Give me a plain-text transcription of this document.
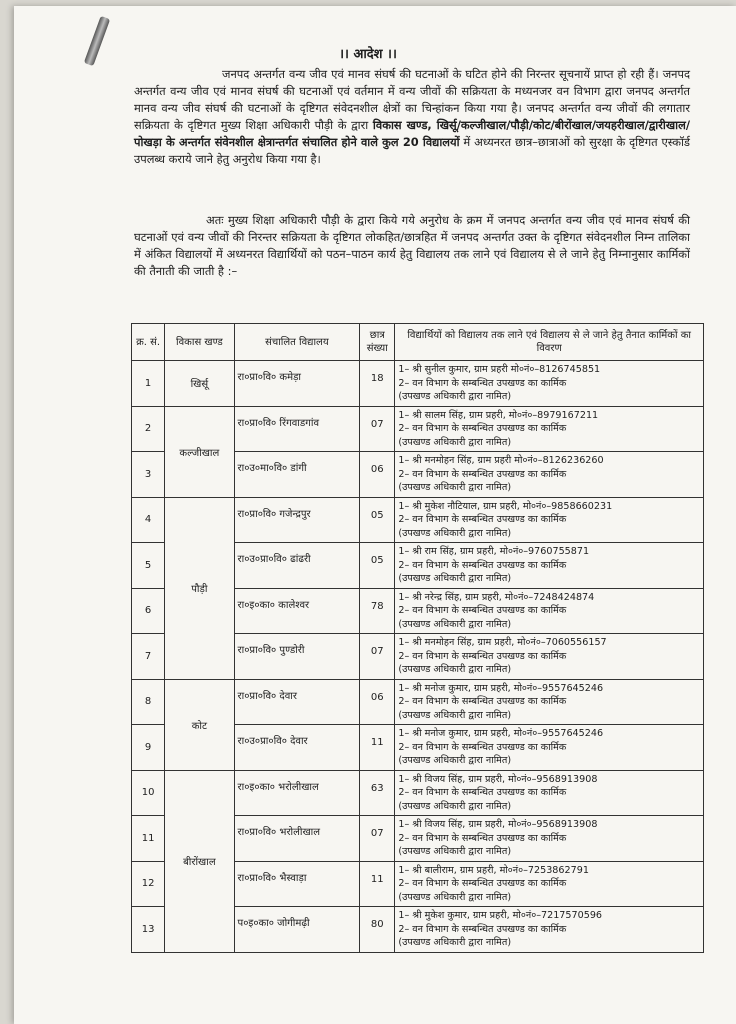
।। आदेश ।।
जनपद अन्तर्गत वन्य जीव एवं मानव संघर्ष की घटनाओं के घटित होने की निरन्तर सूचनायें प्राप्त हो रही हैं। जनपद अन्तर्गत वन्य जीव एवं मानव संघर्ष की घटनाओं एवं वर्तमान में वन्य जीवों की सक्रियता के मध्यनजर वन विभाग द्वारा जनपद अन्तर्गत मानव वन्य जीव संघर्ष की घटनाओं के दृष्टिगत संवेदनशील क्षेत्रों का चिन्हांकन किया गया है। जनपद अन्तर्गत वन्य जीवों की लगातार सक्रियता के दृष्टिगत मुख्य शिक्षा अधिकारी पौड़ी के द्वारा विकास खण्ड, खिर्सू/कल्जीखाल/पौड़ी/कोट/बीरोंखाल/जयहरीखाल/द्वारीखाल/पोखड़ा के अन्तर्गत संवेनशील क्षेत्रान्तर्गत संचालित होने वाले कुल 20 विद्यालयों में अध्यनरत छात्र–छात्राओं को सुरक्षा के दृष्टिगत एस्कॉर्ड उपलब्ध कराये जाने हेतु अनुरोध किया गया है।
अतः मुख्य शिक्षा अधिकारी पौड़ी के द्वारा किये गये अनुरोध के क्रम में जनपद अन्तर्गत वन्य जीव एवं मानव संघर्ष की घटनाओं एवं वन्य जीवों की निरन्तर सक्रियता के दृष्टिगत लोकहित/छात्रहित में जनपद अन्तर्गत उक्त के दृष्टिगत संवेदनशील निम्न तालिका में अंकित विद्यालयों में अध्यनरत विद्यार्थियों को पठन–पाठन कार्य हेतु विद्यालय तक लाने एवं विद्यालय से ले जाने हेतु निम्नानुसार कार्मिकों की तैनाती की जाती है :–
क्र. सं.	विकास खण्ड	संचालित विद्यालय	छात्र संख्या	विद्यार्थियों को विद्यालय तक लाने एवं विद्यालय से ले जाने हेतु तैनात कार्मिकों का विवरण
1	खिर्सू	रा०प्रा०वि० कमेड़ा	18	1– श्री सुनील कुमार, ग्राम प्रहरी मो०नं०–8126745851
2– वन विभाग के सम्बन्धित उपखण्ड का कार्मिक
(उपखण्ड अधिकारी द्वारा नामित)

2	कल्जीखाल	रा०प्रा०वि० रिंगवाडगांव	07	1– श्री सालम सिंह, ग्राम प्रहरी, मो०नं०–8979167211
2– वन विभाग के सम्बन्धित उपखण्ड का कार्मिक
(उपखण्ड अधिकारी द्वारा नामित)

3		रा०उ०मा०वि० डांगी	06	1– श्री मनमोहन सिंह, ग्राम प्रहरी मो०नं०–8126236260
2– वन विभाग के सम्बन्धित उपखण्ड का कार्मिक
(उपखण्ड अधिकारी द्वारा नामित)

4	पौड़ी	रा०प्रा०वि० गजेन्द्रपुर	05	1– श्री मुकेश नौटियाल, ग्राम प्रहरी, मो०नं०–9858660231
2– वन विभाग के सम्बन्धित उपखण्ड का कार्मिक
(उपखण्ड अधिकारी द्वारा नामित)

5		रा०उ०प्रा०वि० ढांढरी	05	1– श्री राम सिंह, ग्राम प्रहरी, मो०नं०–9760755871
2– वन विभाग के सम्बन्धित उपखण्ड का कार्मिक
(उपखण्ड अधिकारी द्वारा नामित)

6		रा०इ०का० कालेश्वर	78	1– श्री नरेन्द्र सिंह, ग्राम प्रहरी, मो०नं०–7248424874
2– वन विभाग के सम्बन्धित उपखण्ड का कार्मिक
(उपखण्ड अधिकारी द्वारा नामित)

7		रा०प्रा०वि० पुण्डोरी	07	1– श्री मनमोहन सिंह, ग्राम प्रहरी, मो०नं०–7060556157
2– वन विभाग के सम्बन्धित उपखण्ड का कार्मिक
(उपखण्ड अधिकारी द्वारा नामित)

8	कोट	रा०प्रा०वि० देवार	06	1– श्री मनोज कुमार, ग्राम प्रहरी, मो०नं०–9557645246
2– वन विभाग के सम्बन्धित उपखण्ड का कार्मिक
(उपखण्ड अधिकारी द्वारा नामित)

9		रा०उ०प्रा०वि० देवार	11	1– श्री मनोज कुमार, ग्राम प्रहरी, मो०नं०–9557645246
2– वन विभाग के सम्बन्धित उपखण्ड का कार्मिक
(उपखण्ड अधिकारी द्वारा नामित)

10	बीरोंखाल	रा०इ०का० भरोलीखाल	63	1– श्री विजय सिंह, ग्राम प्रहरी, मो०नं०–9568913908
2– वन विभाग के सम्बन्धित उपखण्ड का कार्मिक
(उपखण्ड अधिकारी द्वारा नामित)

11		रा०प्रा०वि० भरोलीखाल	07	1– श्री विजय सिंह, ग्राम प्रहरी, मो०नं०–9568913908
2– वन विभाग के सम्बन्धित उपखण्ड का कार्मिक
(उपखण्ड अधिकारी द्वारा नामित)

12		रा०प्रा०वि० भैस्वाड़ा	11	1– श्री बालीराम, ग्राम प्रहरी, मो०नं०–7253862791
2– वन विभाग के सम्बन्धित उपखण्ड का कार्मिक
(उपखण्ड अधिकारी द्वारा नामित)

13		प०इ०का० जोगीमढ़ी	80	1– श्री मुकेश कुमार, ग्राम प्रहरी, मो०नं०–7217570596
2– वन विभाग के सम्बन्धित उपखण्ड का कार्मिक
(उपखण्ड अधिकारी द्वारा नामित)
